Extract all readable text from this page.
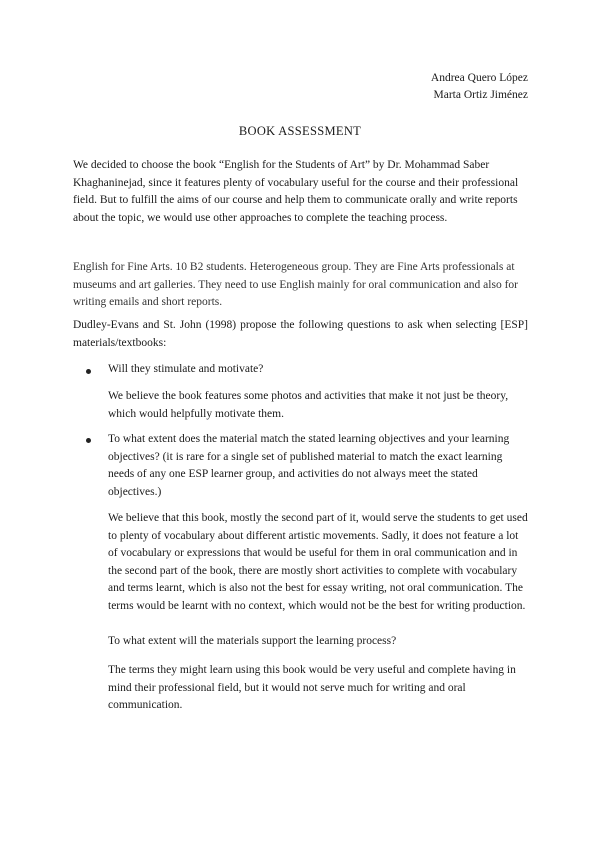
Andrea Quero López
Marta Ortiz Jiménez
BOOK ASSESSMENT

We decided to choose the book “English for the Students of Art” by Dr. Mohammad Saber Khaghaninejad, since it features plenty of vocabulary useful for the course and their professional field. But to fulfill the aims of our course and help them to communicate orally and write reports about the topic, we would use other approaches to complete the teaching process.

English for Fine Arts. 10 B2 students. Heterogeneous group. They are Fine Arts professionals at museums and art galleries. They need to use English mainly for oral communication and also for writing emails and short reports.

Dudley-Evans and St. John (1998) propose the following questions to ask when selecting [ESP] materials/textbooks:

Will they stimulate and motivate?

We believe the book features some photos and activities that make it not just be theory, which would helpfully motivate them.

To what extent does the material match the stated learning objectives and your learning objectives? (it is rare for a single set of published material to match the exact learning needs of any one ESP learner group, and activities do not always meet the stated objectives.)

We believe that this book, mostly the second part of it, would serve the students to get used to plenty of vocabulary about different artistic movements. Sadly, it does not feature a lot of vocabulary or expressions that would be useful for them in oral communication and in the second part of the book, there are mostly short activities to complete with vocabulary and terms learnt, which is also not the best for essay writing, not oral communication. The terms would be learnt with no context, which would not be the best for writing production.

To what extent will the materials support the learning process?

The terms they might learn using this book would be very useful and complete having in mind their professional field, but it would not serve much for writing and oral communication.
